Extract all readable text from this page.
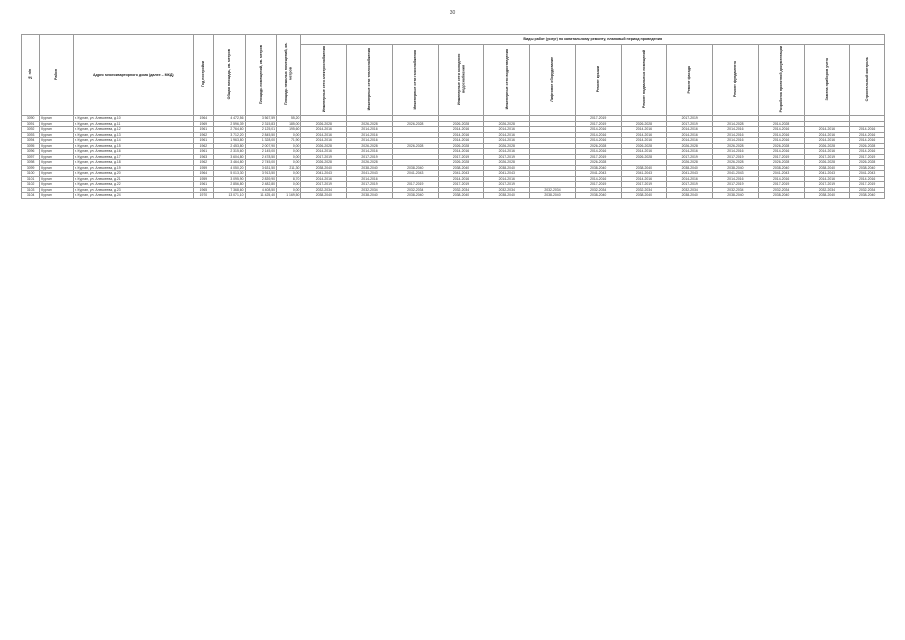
30
№ п/п	Район	Адрес многоквартирного дома (далее – МКД)	Год постройки	Общая площадь, кв. метров	Площадь помещений, кв. метров	Площадь нежилых помещений, кв. метров	Виды работ (услуг) по капитальному ремонту, плановый период проведения												
							Инженерные сети электроснабжения	Инженерные сети теплоснабжения	Инженерные сети газоснабжения	Инженерные сети холодного водоснабжения	Инженерные сети водоотведения	Лифтовое оборудование	Ремонт крыши	Ремонт подвальных помещений	Ремонт фасада	Ремонт фундамента	Разработка проектной документации	Замена приборов учета	Строительный контроль
3090	Курган	г. Курган, ул. Алексеева, д.10	1964	4 472,56	3 567,59	55,20							2017-2019		2017-2019				
3091	Курган	г. Курган, ул. Алексеева, д.11	1969	2 596,39	2 315,83	185,00	2026-2028	2026-2028	2026-2028	2026-2028	2026-2028		2017-2019	2026-2028	2017-2019	2014-2028	2014-2028		
3092	Курган	г. Курган, ул. Алексеева, д.12	1961	2 764,60	2 125,01	195,60	2014-2016	2014-2016		2014-2016	2014-2016		2014-2016	2014-2016	2014-2016	2014-2016	2014-2016	2014-2016	2014-2016
3093	Курган	г. Курган, ул. Алексеева, д.13	1962	3 712,20	2 845,50	0,00	2014-2016	2014-2016		2014-2016	2014-2016		2014-2016	2014-2016	2014-2016	2014-2016	2014-2016	2014-2016	2014-2016
3094	Курган	г. Курган, ул. Алексеева, д.14	1961	1 963,80	1 328,00	71,90	2014-2016	2014-2016		2014-2016	2014-2016		2014-2016	2014-2016	2014-2016	2014-2016	2014-2016	2014-2016	2014-2016
3095	Курган	г. Курган, ул. Алексеева, д.15	1962	2 453,80	2 007,90	0,00	2026-2028	2026-2028	2026-2028	2026-2028	2026-2028		2026-2028	2026-2028	2026-2028	2026-2028	2026-2028	2026-2028	2026-2028
3096	Курган	г. Курган, ул. Алексеева, д.16	1961	2 315,60	2 145,00	0,00	2014-2016	2014-2016		2014-2016	2014-2016		2014-2016	2014-2016	2014-2016	2014-2016	2014-2016	2014-2016	2014-2016
3097	Курган	г. Курган, ул. Алексеева, д.17	1963	3 604,80	2 478,50	0,00	2017-2019	2017-2019		2017-2019	2017-2019		2017-2019	2026-2028	2017-2019	2017-2019	2017-2019	2017-2019	2017-2019
3098	Курган	г. Курган, ул. Алексеева, д.18	1962	3 464,80	2 745,00	0,00	2026-2028	2026-2028		2026-2028	2026-2028		2026-2028		2026-2028	2026-2028	2026-2028	2026-2028	2026-2028
3099	Курган	г. Курган, ул. Алексеева, д.19	1959	4 050,20	3 631,50	211,30	2038-2040	2038-2040	2038-2040	2038-2040	2038-2040		2038-2040	2038-2040	2038-2040	2038-2040	2038-2040	2038-2040	2038-2040
3100	Курган	г. Курган, ул. Алексеева, д.20	1964	5 013,30	3 913,50	0,00	2041-2043	2041-2043	2041-2043	2041-2043	2041-2043		2041-2043	2041-2043	2041-2043	2041-2043	2041-2043	2041-2043	2041-2043
3101	Курган	г. Курган, ул. Алексеева, д.21	1959	3 095,90	2 839,90	8,70	2014-2016	2014-2016		2014-2016	2014-2016		2014-2016	2014-2016	2014-2016	2014-2016	2014-2016	2014-2016	2014-2016
3102	Курган	г. Курган, ул. Алексеева, д.22	1961	2 856,80	2 482,80	0,00	2017-2019	2017-2019	2017-2019	2017-2019	2017-2019		2017-2019	2017-2019	2017-2019	2017-2019	2017-2019	2017-2019	2017-2019
3103	Курган	г. Курган, ул. Алексеева, д.23	1965	7 368,60	4 408,50	0,00	2032-2034	2032-2034	2032-2034	2032-2034	2032-2034	2032-2034	2032-2034	2032-2034	2032-2034	2032-2034	2032-2034	2032-2034	2032-2034
3104	Курган	г. Курган, ул. Алексеева, д.24	1970	13 071,10	11 425,40	1 169,50	2038-2040	2038-2040	2038-2040	2038-2040	2038-2040	2038-2040	2038-2040	2038-2040	2038-2040	2038-2040	2038-2040	2038-2040	2038-2040
